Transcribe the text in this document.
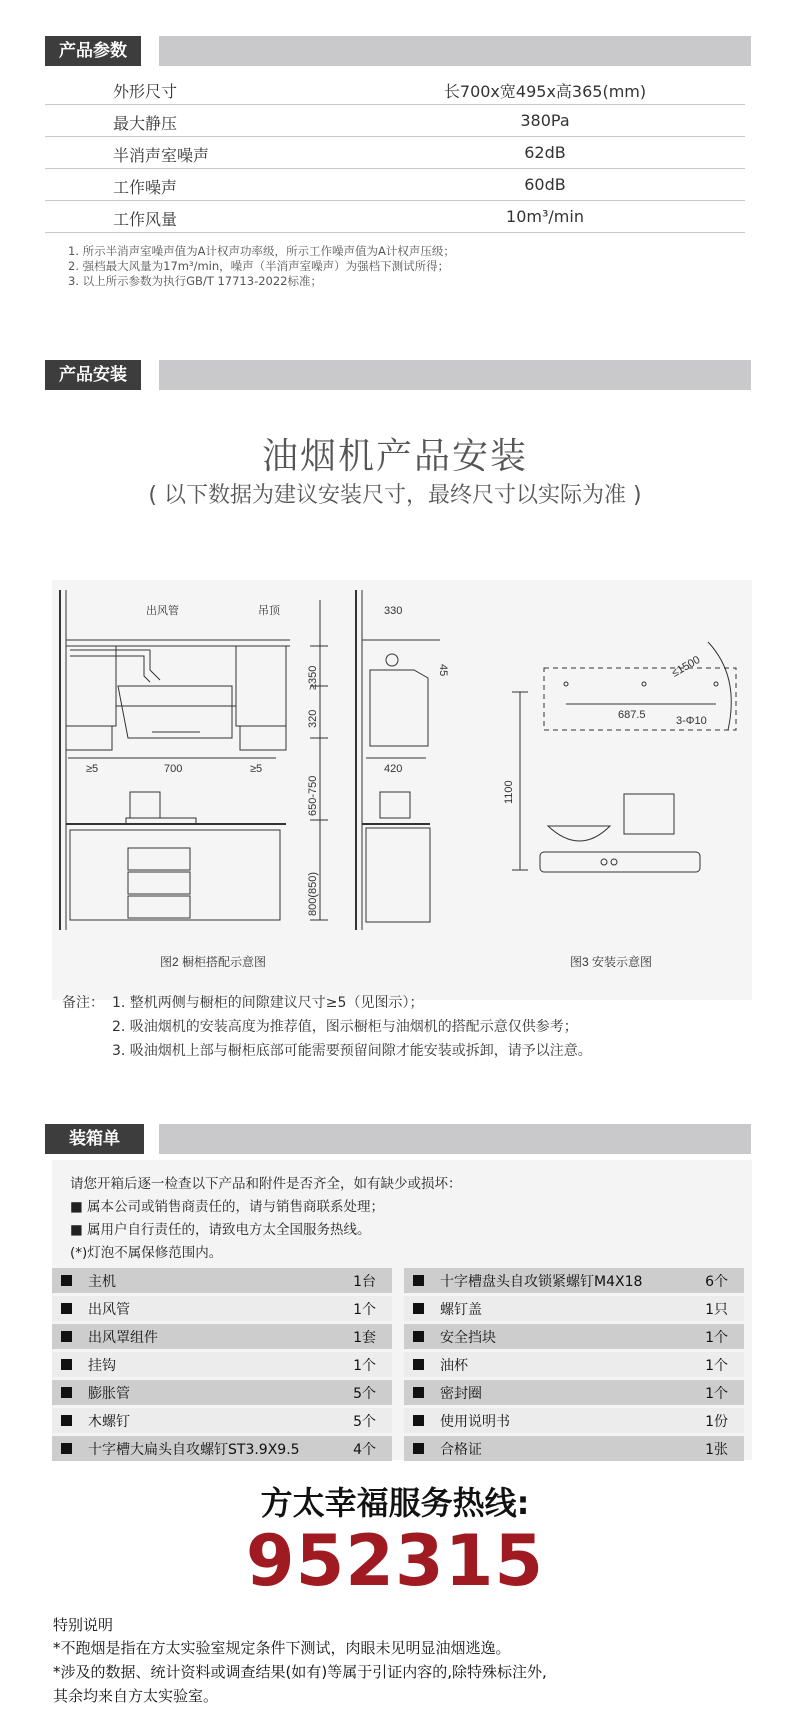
产品参数
外形尺寸	长700x宽495x高365(mm)
最大静压	380Pa
半消声室噪声	62dB
工作噪声	60dB
工作风量	10m³/min
1. 所示半消声室噪声值为A计权声功率级，所示工作噪声值为A计权声压级；
2. 强档最大风量为17m³/min，噪声（半消声室噪声）为强档下测试所得；
3. 以上所示参数为执行GB/T 17713-2022标准；
产品安装
油烟机产品安装
( 以下数据为建议安装尺寸，最终尺寸以实际为准 )
出风管	吊顶
≥350
320
≥5	≥5
700
650-750
800(850)
330
45
420
≤1500
3-Φ10
687.5
1100
图2 橱柜搭配示意图	图3 安装示意图
备注： 1. 整机两侧与橱柜的间隙建议尺寸≥5（见图示）；
2. 吸油烟机的安装高度为推荐值，图示橱柜与油烟机的搭配示意仅供参考；
3. 吸油烟机上部与橱柜底部可能需要预留间隙才能安装或拆卸，请予以注意。
装箱单
请您开箱后逐一检查以下产品和附件是否齐全，如有缺少或损坏：
■ 属本公司或销售商责任的，请与销售商联系处理；
■ 属用户自行责任的，请致电方太全国服务热线。
(*)灯泡不属保修范围内。
主机	1台
出风管	1个
出风罩组件	1套
挂钩	1个
膨胀管	5个
木螺钉	5个
十字槽大扁头自攻螺钉ST3.9X9.5	4个
十字槽盘头自攻锁紧螺钉M4X18	6个
螺钉盖	1只
安全挡块	1个
油杯	1个
密封圈	1个
使用说明书	1份
合格证	1张
方太幸福服务热线:
952315
特别说明
*不跑烟是指在方太实验室规定条件下测试，肉眼未见明显油烟逃逸。
*涉及的数据、统计资料或调查结果(如有)等属于引证内容的,除特殊标注外,
其余均来自方太实验室。
